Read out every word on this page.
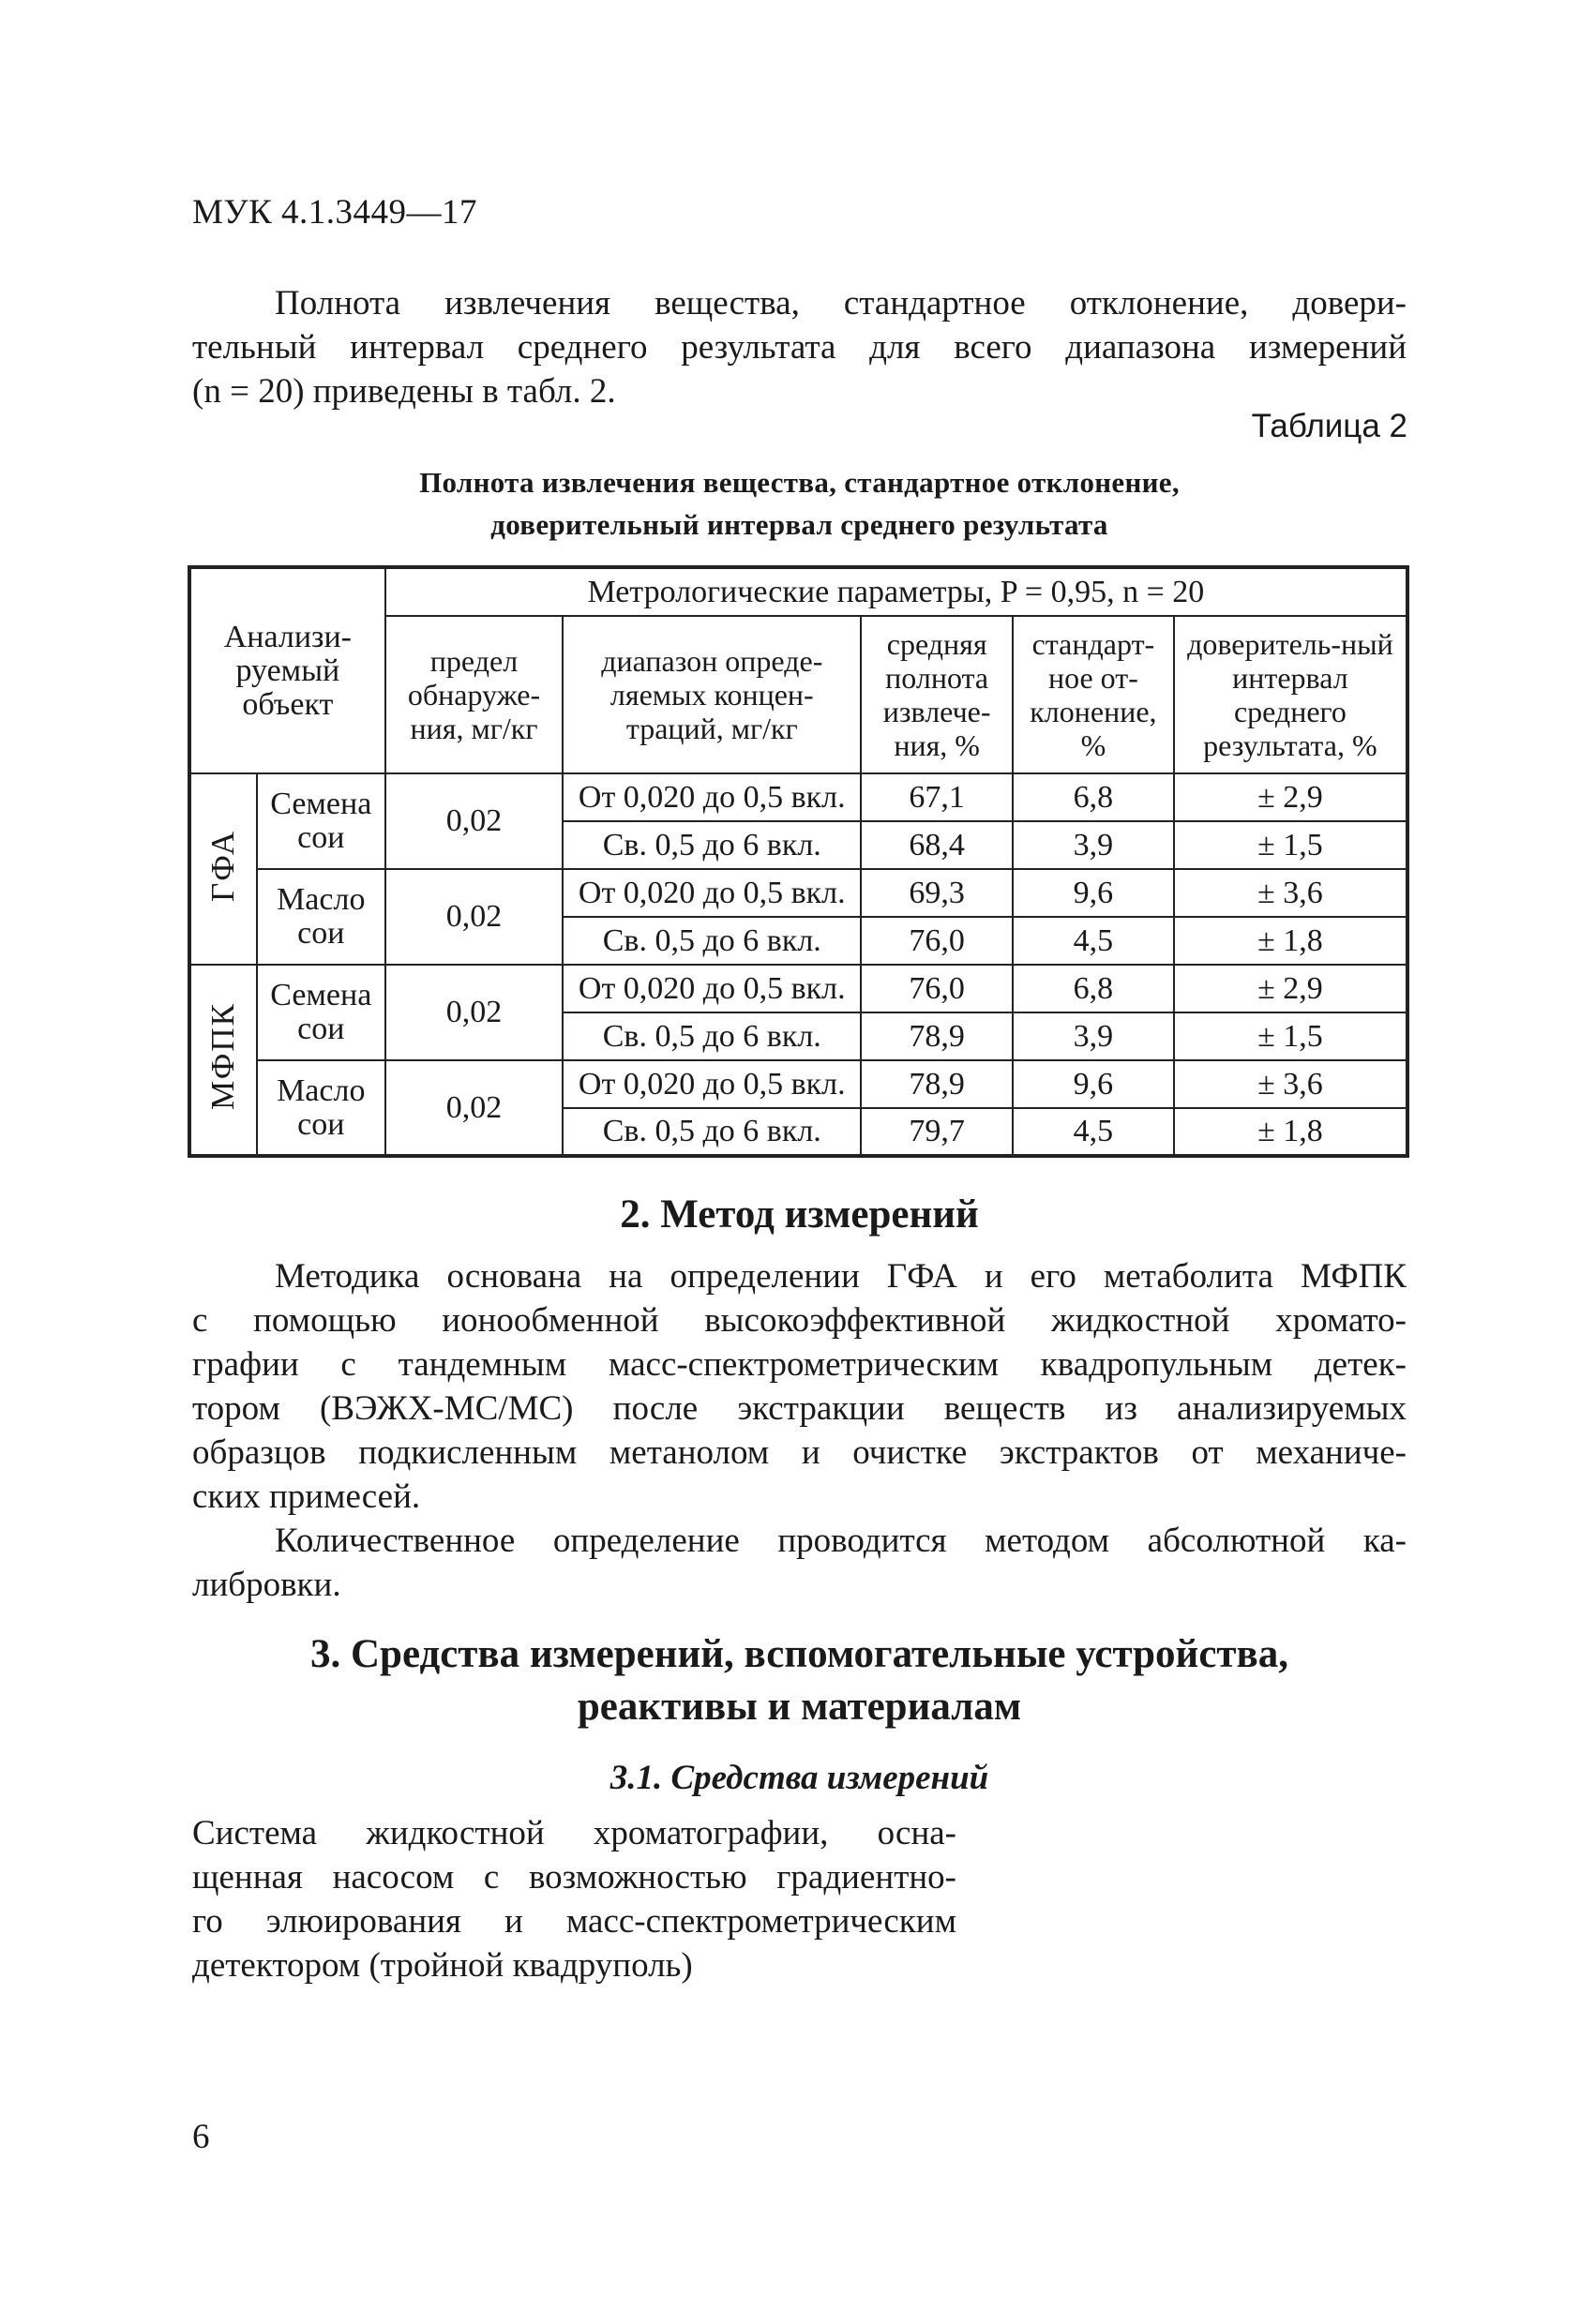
МУК 4.1.3449—17
Полнота извлечения вещества, стандартное отклонение, довери-
тельный интервал среднего результата для всего диапазона измерений
(n = 20) приведены в табл. 2.
Таблица 2
Полнота извлечения вещества, стандартное отклонение,
доверительный интервал среднего результата
Анализи-руемый объект		Метрологические параметры, P = 0,95, n = 20				
		предел обнаруже-ния, мг/кг	диапазон опреде-ляемых концен-траций, мг/кг	средняя полнота извлече-ния, %	стандарт-ное от-клонение, %	доверитель-ный интервал среднего результата, %
ГФА	Семена сои	0,02	От 0,020 до 0,5 вкл.	67,1	6,8	± 2,9
			Св. 0,5 до 6 вкл.	68,4	3,9	± 1,5
	Масло сои	0,02	От 0,020 до 0,5 вкл.	69,3	9,6	± 3,6
			Св. 0,5 до 6 вкл.	76,0	4,5	± 1,8
МФПК	Семена сои	0,02	От 0,020 до 0,5 вкл.	76,0	6,8	± 2,9
			Св. 0,5 до 6 вкл.	78,9	3,9	± 1,5
	Масло сои	0,02	От 0,020 до 0,5 вкл.	78,9	9,6	± 3,6
			Св. 0,5 до 6 вкл.	79,7	4,5	± 1,8
2. Метод измерений
Методика основана на определении ГФА и его метаболита МФПК
с помощью ионообменной высокоэффективной жидкостной хромато-
графии с тандемным масс-спектрометрическим квадропульным детек-
тором (ВЭЖХ-МС/МС) после экстракции веществ из анализируемых
образцов подкисленным метанолом и очистке экстрактов от механиче-
ских примесей.
Количественное определение проводится методом абсолютной ка-
либровки.
3. Средства измерений, вспомогательные устройства,
реактивы и материалам
3.1. Средства измерений
Система жидкостной хроматографии, осна-
щенная насосом с возможностью градиентно-
го элюирования и масс-спектрометрическим
детектором (тройной квадруполь)
6
